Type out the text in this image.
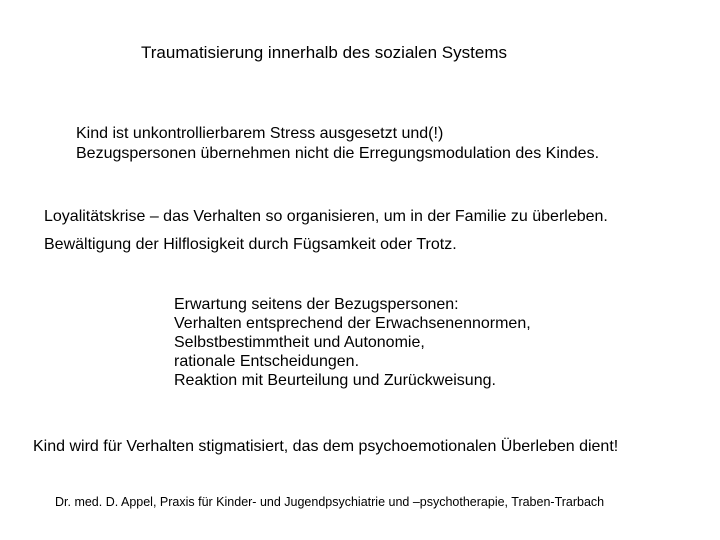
Traumatisierung innerhalb des sozialen Systems
Kind ist unkontrollierbarem Stress ausgesetzt und(!)
Bezugspersonen übernehmen nicht die Erregungsmodulation des Kindes.

Loyalitätskrise – das Verhalten so organisieren, um in der Familie zu überleben.

Bewältigung der Hilflosigkeit durch Fügsamkeit oder Trotz.

Erwartung seitens der Bezugspersonen:
Verhalten entsprechend der Erwachsenennormen,
Selbstbestimmtheit und Autonomie,
rationale Entscheidungen.
Reaktion mit Beurteilung und Zurückweisung.

Kind wird für Verhalten stigmatisiert, das dem psychoemotionalen Überleben dient!

Dr. med. D. Appel, Praxis für Kinder- und Jugendpsychiatrie und –psychotherapie, Traben-Trarbach
